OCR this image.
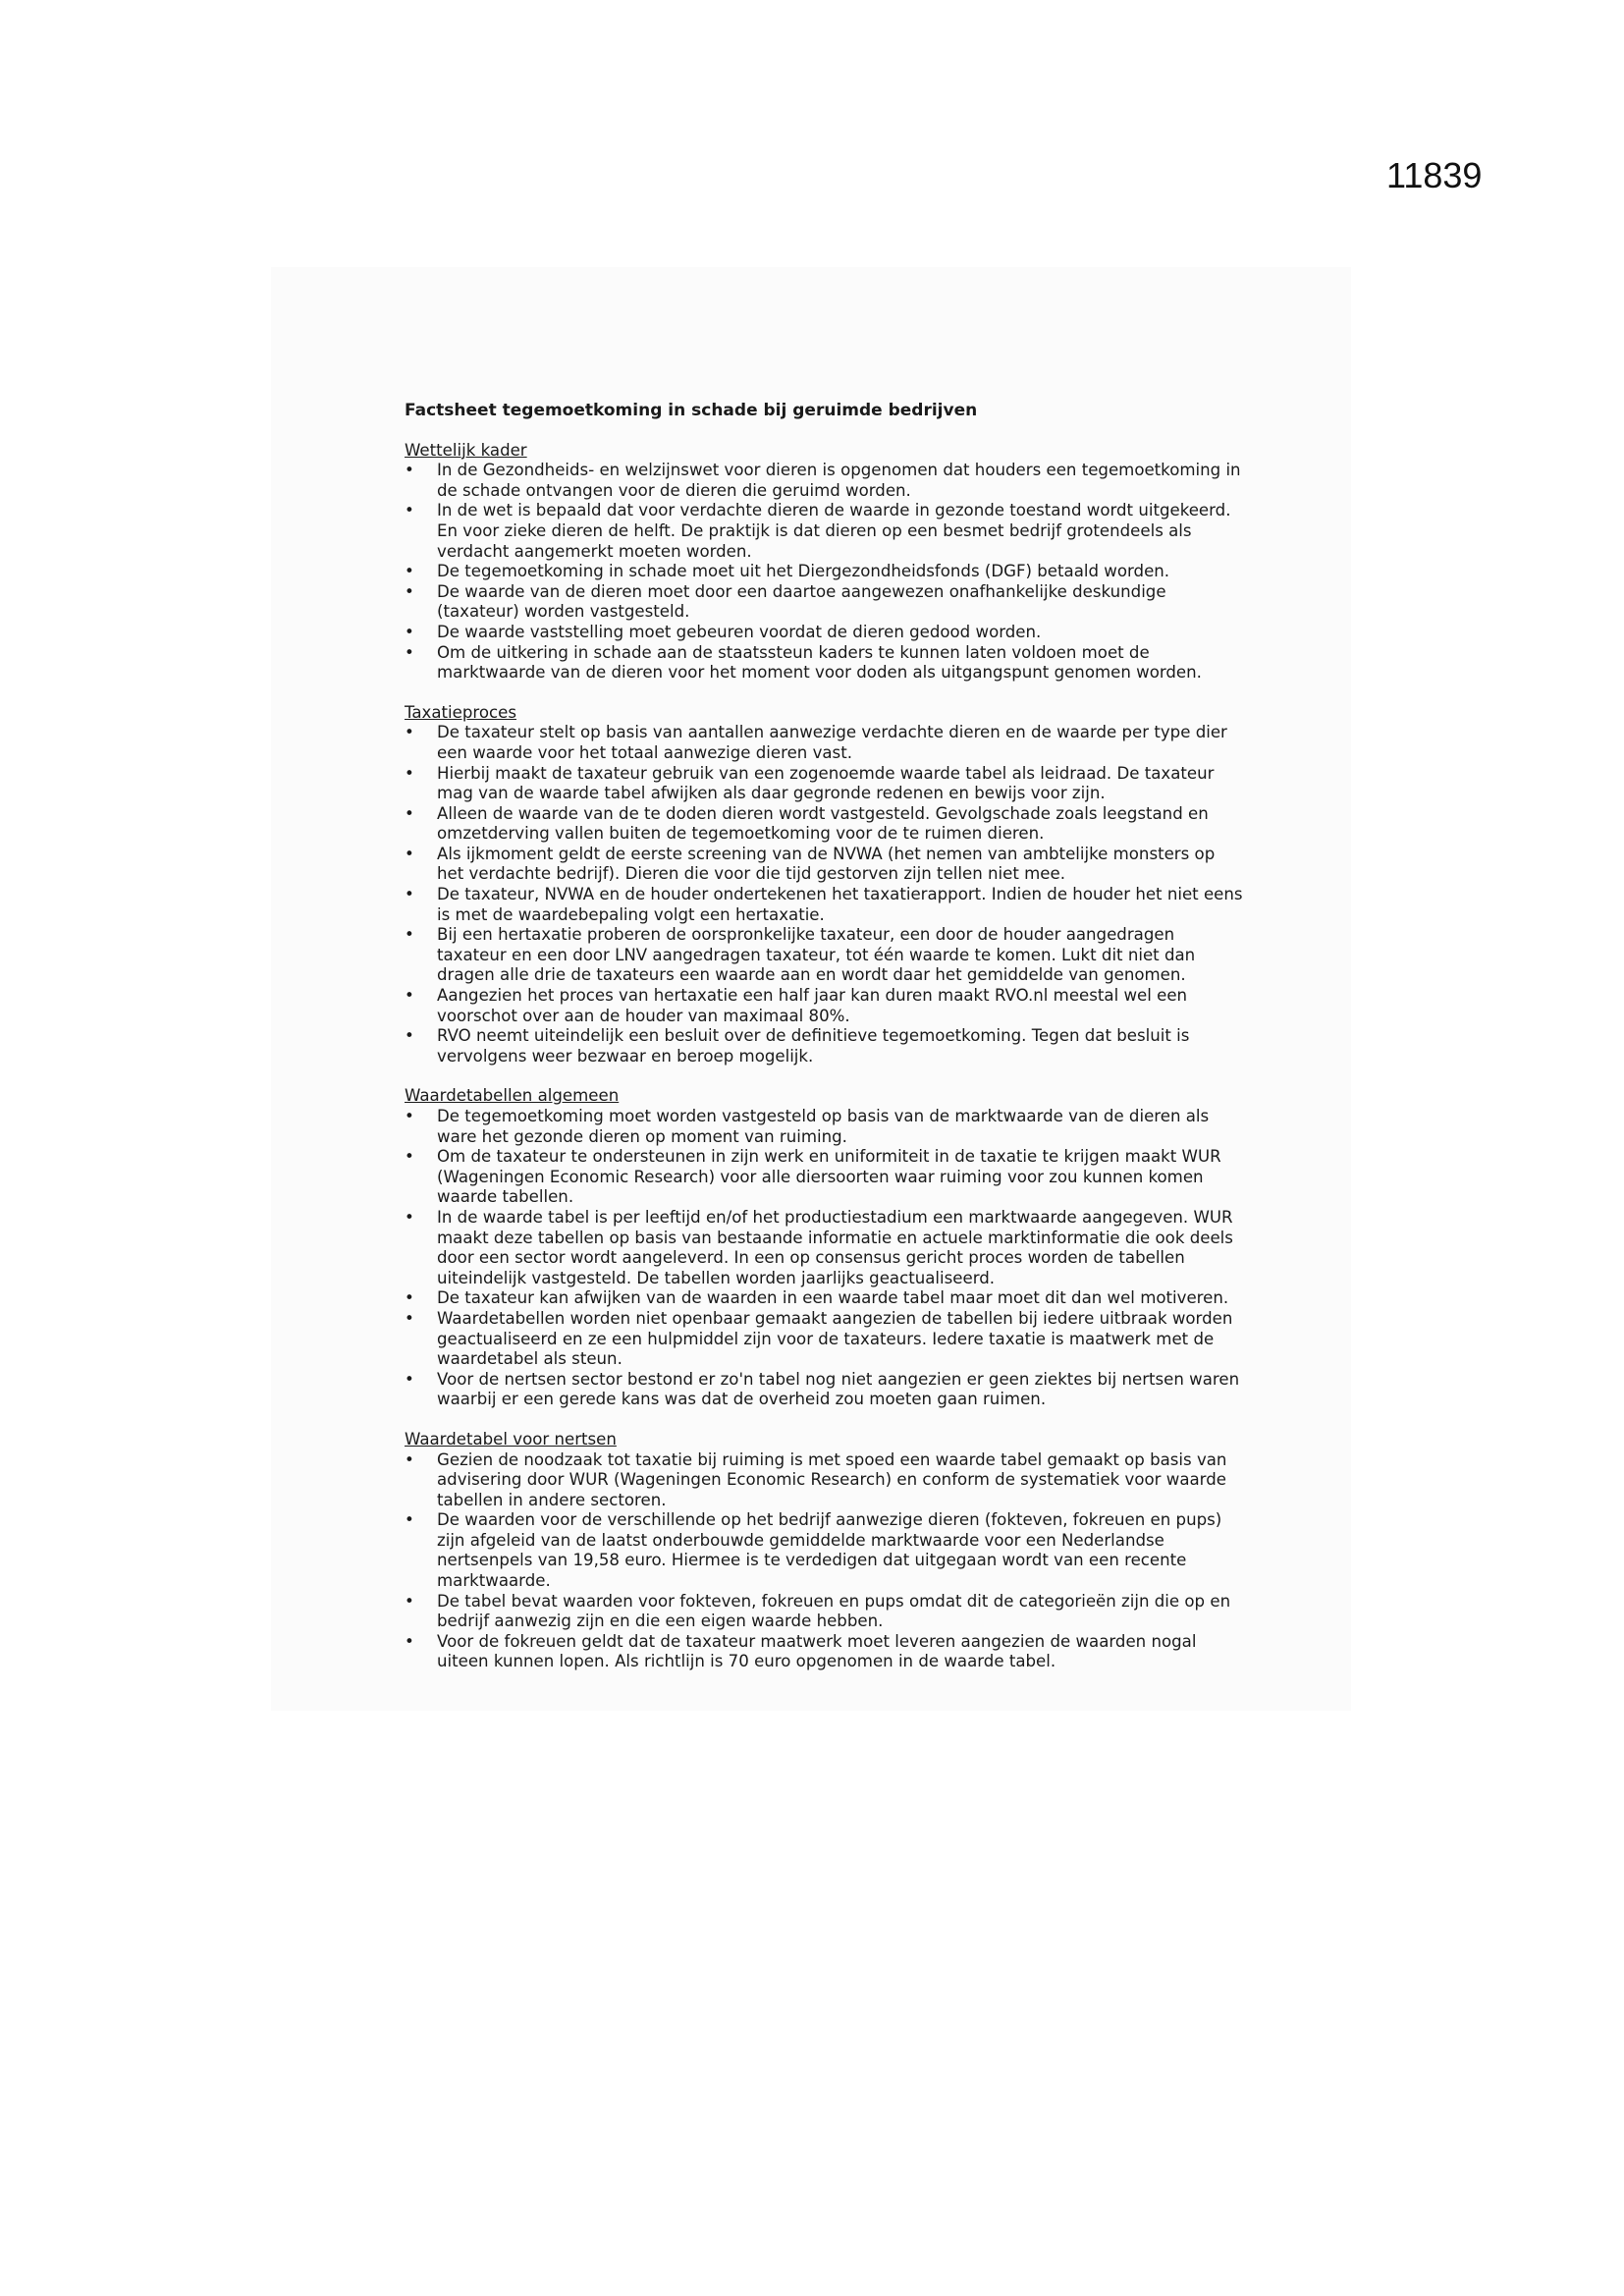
11839

Factsheet tegemoetkoming in schade bij geruimde bedrijven

Wettelijk kader

• In de Gezondheids- en welzijnswet voor dieren is opgenomen dat houders een tegemoetkoming in de schade ontvangen voor de dieren die geruimd worden.
• In de wet is bepaald dat voor verdachte dieren de waarde in gezonde toestand wordt uitgekeerd. En voor zieke dieren de helft. De praktijk is dat dieren op een besmet bedrijf grotendeels als verdacht aangemerkt moeten worden.
• De tegemoetkoming in schade moet uit het Diergezondheidsfonds (DGF) betaald worden.
• De waarde van de dieren moet door een daartoe aangewezen onafhankelijke deskundige (taxateur) worden vastgesteld.
• De waarde vaststelling moet gebeuren voordat de dieren gedood worden.
• Om de uitkering in schade aan de staatssteun kaders te kunnen laten voldoen moet de marktwaarde van de dieren voor het moment voor doden als uitgangspunt genomen worden.

Taxatieproces

• De taxateur stelt op basis van aantallen aanwezige verdachte dieren en de waarde per type dier een waarde voor het totaal aanwezige dieren vast.
• Hierbij maakt de taxateur gebruik van een zogenoemde waarde tabel als leidraad. De taxateur mag van de waarde tabel afwijken als daar gegronde redenen en bewijs voor zijn.
• Alleen de waarde van de te doden dieren wordt vastgesteld. Gevolgschade zoals leegstand en omzetderving vallen buiten de tegemoetkoming voor de te ruimen dieren.
• Als ijkmoment geldt de eerste screening van de NVWA (het nemen van ambtelijke monsters op het verdachte bedrijf). Dieren die voor die tijd gestorven zijn tellen niet mee.
• De taxateur, NVWA en de houder ondertekenen het taxatierapport. Indien de houder het niet eens is met de waardebepaling volgt een hertaxatie.
• Bij een hertaxatie proberen de oorspronkelijke taxateur, een door de houder aangedragen taxateur en een door LNV aangedragen taxateur, tot één waarde te komen. Lukt dit niet dan dragen alle drie de taxateurs een waarde aan en wordt daar het gemiddelde van genomen.
• Aangezien het proces van hertaxatie een half jaar kan duren maakt RVO.nl meestal wel een voorschot over aan de houder van maximaal 80%.
• RVO neemt uiteindelijk een besluit over de definitieve tegemoetkoming. Tegen dat besluit is vervolgens weer bezwaar en beroep mogelijk.

Waardetabellen algemeen

• De tegemoetkoming moet worden vastgesteld op basis van de marktwaarde van de dieren als ware het gezonde dieren op moment van ruiming.
• Om de taxateur te ondersteunen in zijn werk en uniformiteit in de taxatie te krijgen maakt WUR (Wageningen Economic Research) voor alle diersoorten waar ruiming voor zou kunnen komen waarde tabellen.
• In de waarde tabel is per leeftijd en/of het productiestadium een marktwaarde aangegeven. WUR maakt deze tabellen op basis van bestaande informatie en actuele marktinformatie die ook deels door een sector wordt aangeleverd. In een op consensus gericht proces worden de tabellen uiteindelijk vastgesteld. De tabellen worden jaarlijks geactualiseerd.
• De taxateur kan afwijken van de waarden in een waarde tabel maar moet dit dan wel motiveren.
• Waardetabellen worden niet openbaar gemaakt aangezien de tabellen bij iedere uitbraak worden geactualiseerd en ze een hulpmiddel zijn voor de taxateurs. Iedere taxatie is maatwerk met de waardetabel als steun.
• Voor de nertsen sector bestond er zo'n tabel nog niet aangezien er geen ziektes bij nertsen waren waarbij er een gerede kans was dat de overheid zou moeten gaan ruimen.

Waardetabel voor nertsen

• Gezien de noodzaak tot taxatie bij ruiming is met spoed een waarde tabel gemaakt op basis van advisering door WUR (Wageningen Economic Research) en conform de systematiek voor waarde tabellen in andere sectoren.
• De waarden voor de verschillende op het bedrijf aanwezige dieren (fokteven, fokreuen en pups) zijn afgeleid van de laatst onderbouwde gemiddelde marktwaarde voor een Nederlandse nertsenpels van 19,58 euro. Hiermee is te verdedigen dat uitgegaan wordt van een recente marktwaarde.
• De tabel bevat waarden voor fokteven, fokreuen en pups omdat dit de categorieën zijn die op en bedrijf aanwezig zijn en die een eigen waarde hebben.
• Voor de fokreuen geldt dat de taxateur maatwerk moet leveren aangezien de waarden nogal uiteen kunnen lopen. Als richtlijn is 70 euro opgenomen in de waarde tabel.
